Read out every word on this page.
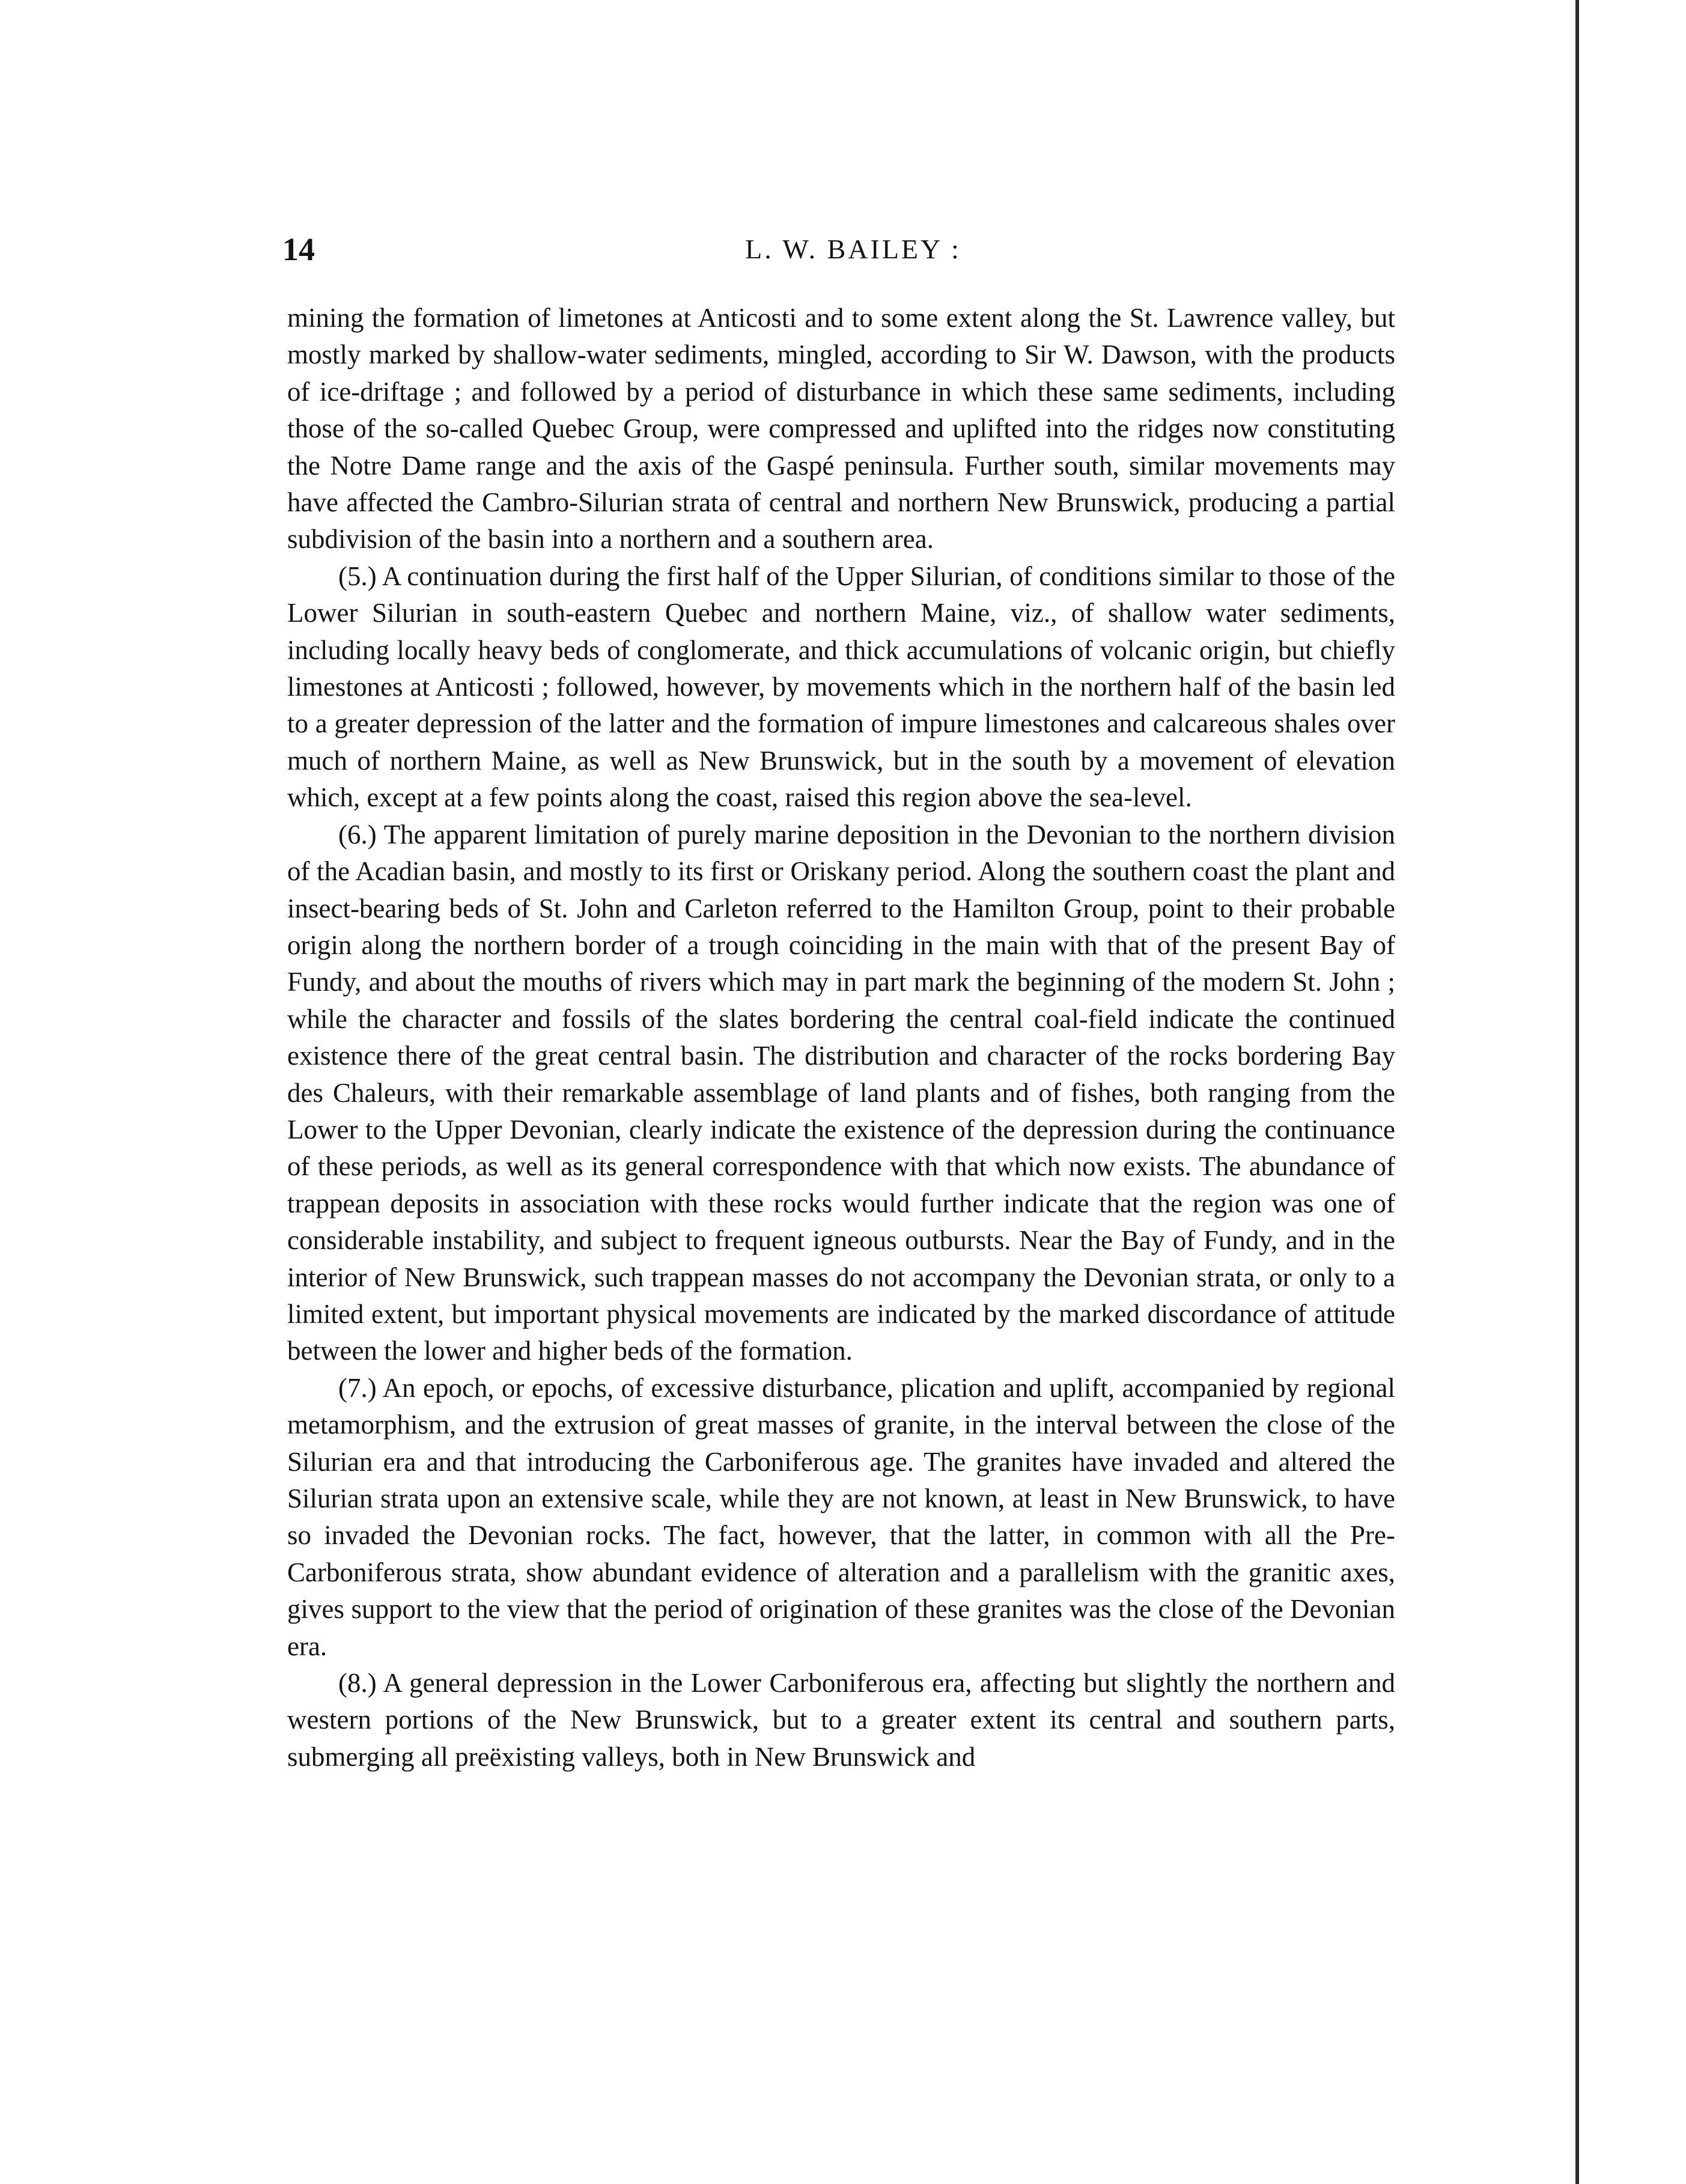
14	L. W. BAILEY :

mining the formation of limetones at Anticosti and to some extent along the St. Lawrence valley, but mostly marked by shallow-water sediments, mingled, according to Sir W. Dawson, with the products of ice-driftage ; and followed by a period of disturbance in which these same sediments, including those of the so-called Quebec Group, were compressed and uplifted into the ridges now constituting the Notre Dame range and the axis of the Gaspé peninsula. Further south, similar movements may have affected the Cambro-Silurian strata of central and northern New Brunswick, producing a partial subdivision of the basin into a northern and a southern area.

(5.) A continuation during the first half of the Upper Silurian, of conditions similar to those of the Lower Silurian in south-eastern Quebec and northern Maine, viz., of shallow water sediments, including locally heavy beds of conglomerate, and thick accumulations of volcanic origin, but chiefly limestones at Anticosti ; followed, however, by movements which in the northern half of the basin led to a greater depression of the latter and the formation of impure limestones and calcareous shales over much of northern Maine, as well as New Brunswick, but in the south by a movement of elevation which, except at a few points along the coast, raised this region above the sea-level.

(6.) The apparent limitation of purely marine deposition in the Devonian to the northern division of the Acadian basin, and mostly to its first or Oriskany period. Along the southern coast the plant and insect-bearing beds of St. John and Carleton referred to the Hamilton Group, point to their probable origin along the northern border of a trough coinciding in the main with that of the present Bay of Fundy, and about the mouths of rivers which may in part mark the beginning of the modern St. John ; while the character and fossils of the slates bordering the central coal-field indicate the continued existence there of the great central basin. The distribution and character of the rocks bordering Bay des Chaleurs, with their remarkable assemblage of land plants and of fishes, both ranging from the Lower to the Upper Devonian, clearly indicate the existence of the depression during the continuance of these periods, as well as its general correspondence with that which now exists. The abundance of trappean deposits in association with these rocks would further indicate that the region was one of considerable instability, and subject to frequent igneous outbursts. Near the Bay of Fundy, and in the interior of New Brunswick, such trappean masses do not accompany the Devonian strata, or only to a limited extent, but important physical movements are indicated by the marked discordance of attitude between the lower and higher beds of the formation.

(7.) An epoch, or epochs, of excessive disturbance, plication and uplift, accompanied by regional metamorphism, and the extrusion of great masses of granite, in the interval between the close of the Silurian era and that introducing the Carboniferous age. The granites have invaded and altered the Silurian strata upon an extensive scale, while they are not known, at least in New Brunswick, to have so invaded the Devonian rocks. The fact, however, that the latter, in common with all the Pre-Carboniferous strata, show abundant evidence of alteration and a parallelism with the granitic axes, gives support to the view that the period of origination of these granites was the close of the Devonian era.

(8.) A general depression in the Lower Carboniferous era, affecting but slightly the northern and western portions of the New Brunswick, but to a greater extent its central and southern parts, submerging all preëxisting valleys, both in New Brunswick and
